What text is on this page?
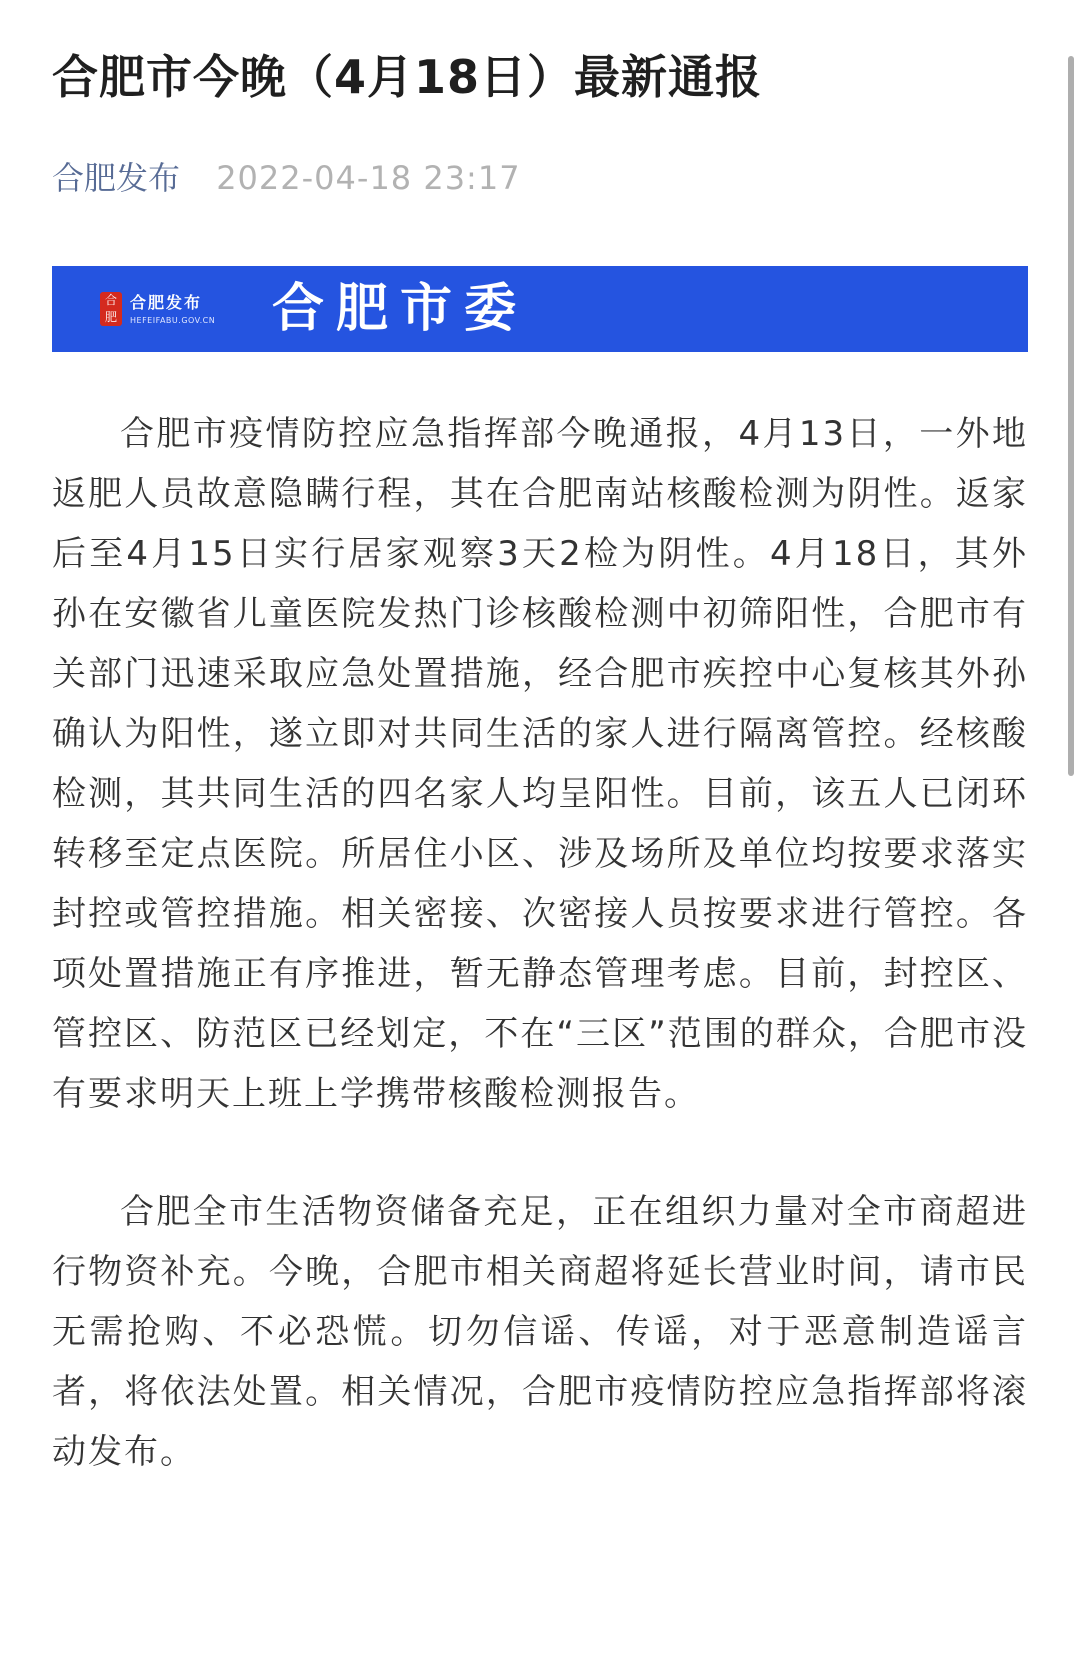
合肥市今晚（4月18日）最新通报
合肥发布 2022-04-18 23:17
合肥
合肥发布
HEFEIFABU.GOV.CN 合肥市委

合肥市疫情防控应急指挥部今晚通报，4月13日，一外地返肥人员故意隐瞒行程，其在合肥南站核酸检测为阴性。返家后至4月15日实行居家观察3天2检为阴性。4月18日，其外孙在安徽省儿童医院发热门诊核酸检测中初筛阳性，合肥市有关部门迅速采取应急处置措施，经合肥市疾控中心复核其外孙确认为阳性，遂立即对共同生活的家人进行隔离管控。经核酸检测，其共同生活的四名家人均呈阳性。目前，该五人已闭环转移至定点医院。所居住小区、涉及场所及单位均按要求落实封控或管控措施。相关密接、次密接人员按要求进行管控。各项处置措施正有序推进，暂无静态管理考虑。目前，封控区、管控区、防范区已经划定，不在“三区”范围的群众，合肥市没有要求明天上班上学携带核酸检测报告。

合肥全市生活物资储备充足，正在组织力量对全市商超进行物资补充。今晚，合肥市相关商超将延长营业时间，请市民无需抢购、不必恐慌。切勿信谣、传谣，对于恶意制造谣言者，将依法处置。相关情况，合肥市疫情防控应急指挥部将滚动发布。
